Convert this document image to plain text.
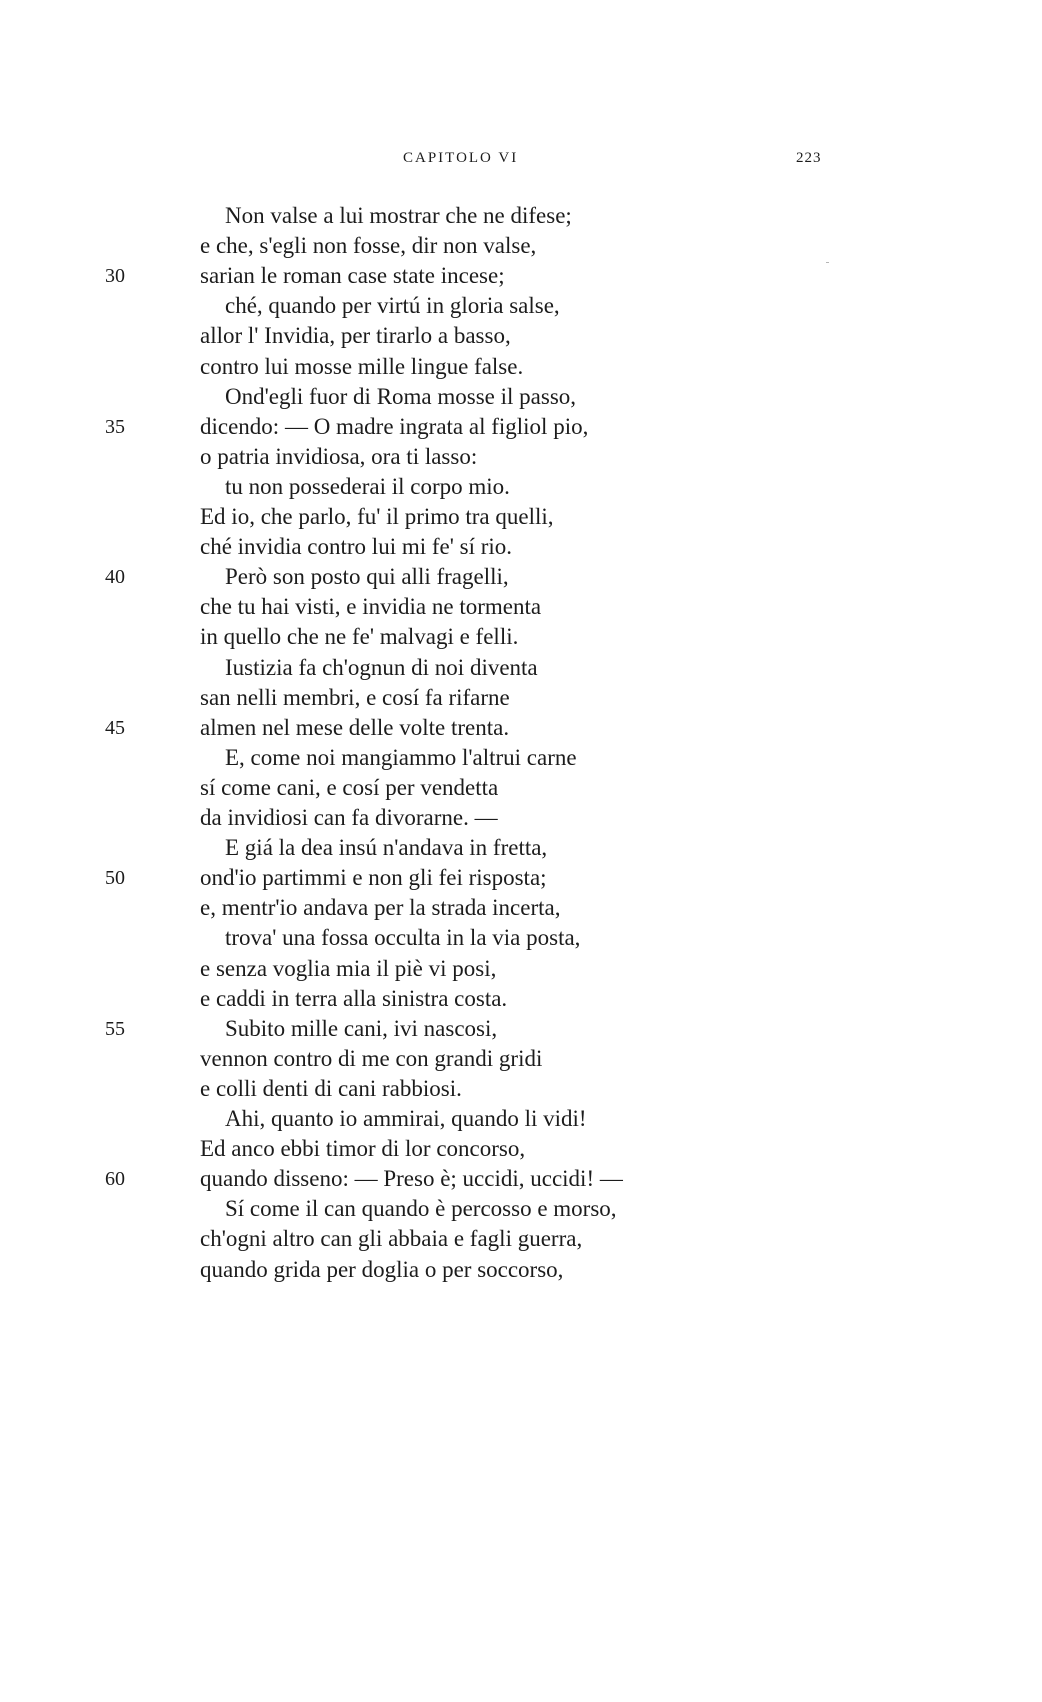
CAPITOLO VI	223
Non valse a lui mostrar che ne difese;
e che, s'egli non fosse, dir non valse,
30	sarian le roman case state incese;
ché, quando per virtú in gloria salse,
allor l' Invidia, per tirarlo a basso,
contro lui mosse mille lingue false.
Ond'egli fuor di Roma mosse il passo,
35	dicendo: — O madre ingrata al figliol pio,
o patria invidiosa, ora ti lasso:
tu non possederai il corpo mio.
Ed io, che parlo, fu' il primo tra quelli,
ché invidia contro lui mi fe' sí rio.
40	Però son posto qui alli fragelli,
che tu hai visti, e invidia ne tormenta
in quello che ne fe' malvagi e felli.
Iustizia fa ch'ognun di noi diventa
san nelli membri, e cosí fa rifarne
45	almen nel mese delle volte trenta.
E, come noi mangiammo l'altrui carne
sí come cani, e cosí per vendetta
da invidiosi can fa divorarne. —
E giá la dea insú n'andava in fretta,
50	ond'io partimmi e non gli fei risposta;
e, mentr'io andava per la strada incerta,
trova' una fossa occulta in la via posta,
e senza voglia mia il piè vi posi,
e caddi in terra alla sinistra costa.
55	Subito mille cani, ivi nascosi,
vennon contro di me con grandi gridi
e colli denti di cani rabbiosi.
Ahi, quanto io ammirai, quando li vidi!
Ed anco ebbi timor di lor concorso,
60	quando disseno: — Preso è; uccidi, uccidi! —
Sí come il can quando è percosso e morso,
ch'ogni altro can gli abbaia e fagli guerra,
quando grida per doglia o per soccorso,
